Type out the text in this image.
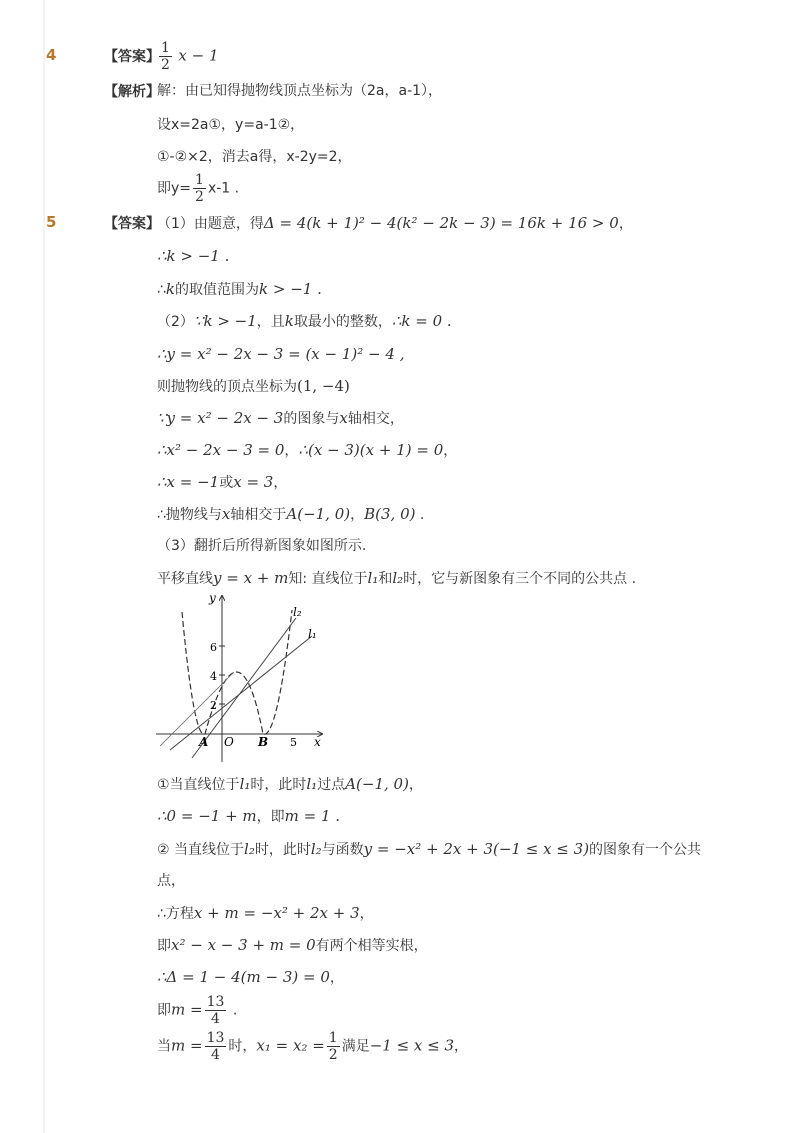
4	【答案】 $\frac{1}{2}$ x − 1
【解析】
解：由已知得抛物线顶点坐标为（2a，a-1），
设x=2a①，y=a-1②，
①-②×2，消去a得，x-2y=2，
即$y= \frac{1}{2} x-1$ .
5	【答案】
（1）由题意，得Δ = 4(k + 1)² − 4(k² − 2k − 3) = 16k + 16 > 0，
∴k > −1 .
∴k的取值范围为k > −1 .
（2）∵k > −1，且k取最小的整数，∴k = 0 .
∴y = x² − 2x − 3 = (x − 1)² − 4 ,
则抛物线的顶点坐标为(1, −4)
∵y = x² − 2x − 3的图象与x轴相交，
∴x² − 2x − 3 = 0，∴(x − 3)(x + 1) = 0，
∴x = −1或x = 3，
∴抛物线与x轴相交于A(−1, 0)，B(3, 0) .
（3）翻折后所得新图象如图所示.
平移直线y = x + m知: 直线位于l₁和l₂时，它与新图象有三个不同的公共点 .
y
x
6
4
2
5
A O B
l₂
l₁
①当直线位于l₁时，此时l₁过点A(−1, 0)，
∴0 = −1 + m，即m = 1 .
② 当直线位于l₂时，此时l₂与函数y = −x² + 2x + 3(−1 ≤ x ≤ 3)的图象有一个公共
点，
∴方程x + m = −x² + 2x + 3，
即x² − x − 3 + m = 0有两个相等实根，
∴Δ = 1 − 4(m − 3) = 0，
即$m = \frac{13}{4}$ .
当$m = \frac{13}{4}$ 时，$x_1 = x_2 = \frac{1}{2}$ 满足−1 ≤ x ≤ 3，
